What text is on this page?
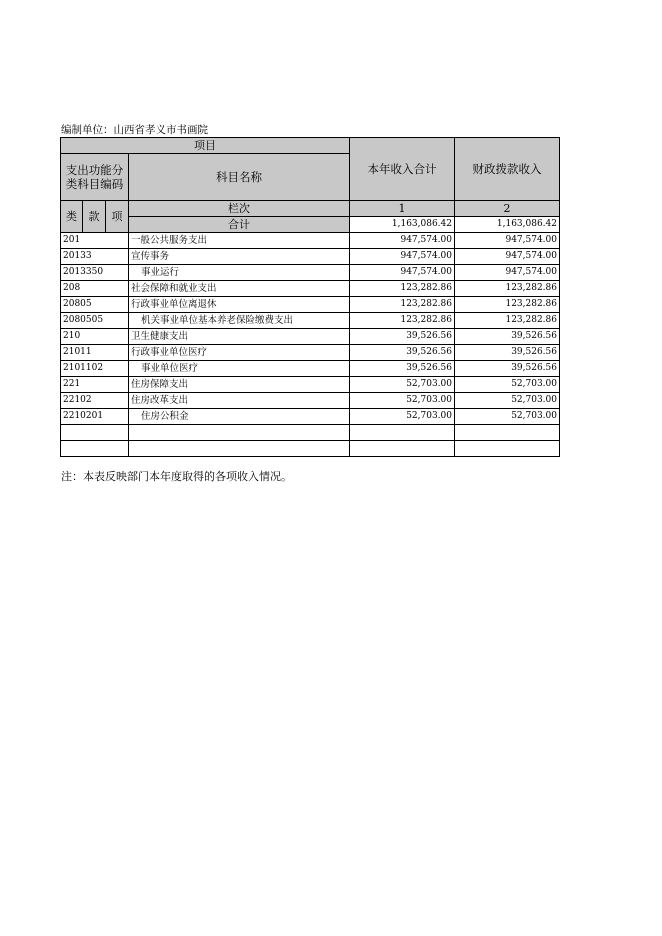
编制单位：山西省孝义市书画院
项目				本年收入合计	财政拨款收入

支出功能分
类科目编码			科目名称		

类	款	项	栏次	1	2
			合计	1,163,086.42	1,163,086.42
201			一般公共服务支出	947,574.00	947,574.00
20133			宣传事务	947,574.00	947,574.00
2013350			事业运行	947,574.00	947,574.00
208			社会保障和就业支出	123,282.86	123,282.86
20805			行政事业单位离退休	123,282.86	123,282.86
2080505			机关事业单位基本养老保险缴费支出	123,282.86	123,282.86
210			卫生健康支出	39,526.56	39,526.56
21011			行政事业单位医疗	39,526.56	39,526.56
2101102			事业单位医疗	39,526.56	39,526.56
221			住房保障支出	52,703.00	52,703.00
22102			住房改革支出	52,703.00	52,703.00
2210201			住房公积金	52,703.00	52,703.00

注：本表反映部门本年度取得的各项收入情况。
